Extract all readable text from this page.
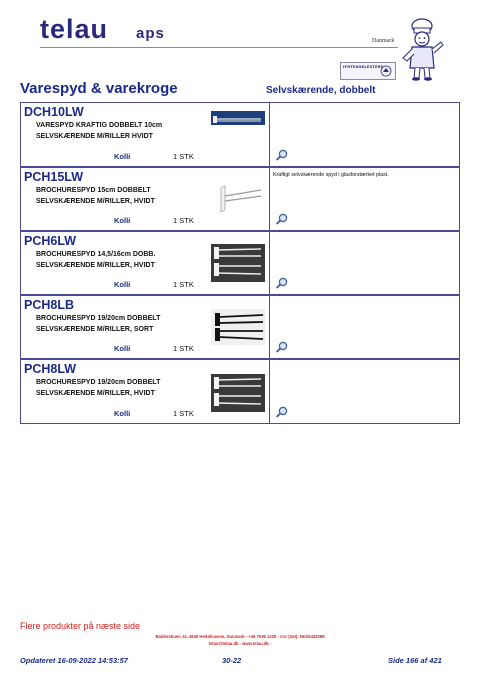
telau aps	Danmark
IPHTEKOKLEGTERE
Varespyd & varekroge	Selvskærende, dobbelt
DCH10LW
VARESPYD KRAFTIG DOBBELT 10cm
SELVSKÆRENDE M/RILLER HVIDT
Kolli	1 STK
PCH15LW
BROCHURESPYD 15cm DOBBELT
SELVSKÆRENDE M/RILLER, HVIDT
Kolli	1 STK
Kraftigt selvskærende spyd i glasforstærket plast.
PCH6LW
BROCHURESPYD 14,5/16cm DOBB.
SELVSKÆRENDE M/RILLER, HVIDT
Kolli	1 STK
PCH8LB
BROCHURESPYD 19/20cm DOBBELT
SELVSKÆRENDE M/RILLER, SORT
Kolli	1 STK
PCH8LW
BROCHURESPYD 19/20cm DOBBELT
SELVSKÆRENDE M/RILLER, HVIDT
Kolli	1 STK
Flere produkter på næste side
Baldersbuen 14, 2640 Hedehusene, Danmark - +45 7036 1220 - Cvr (Vat): DK25432088
telau@telau.dk - www.telau.dk -
Opdateret 16-09-2022 14:53:57	30-22	Side 166 af 421
